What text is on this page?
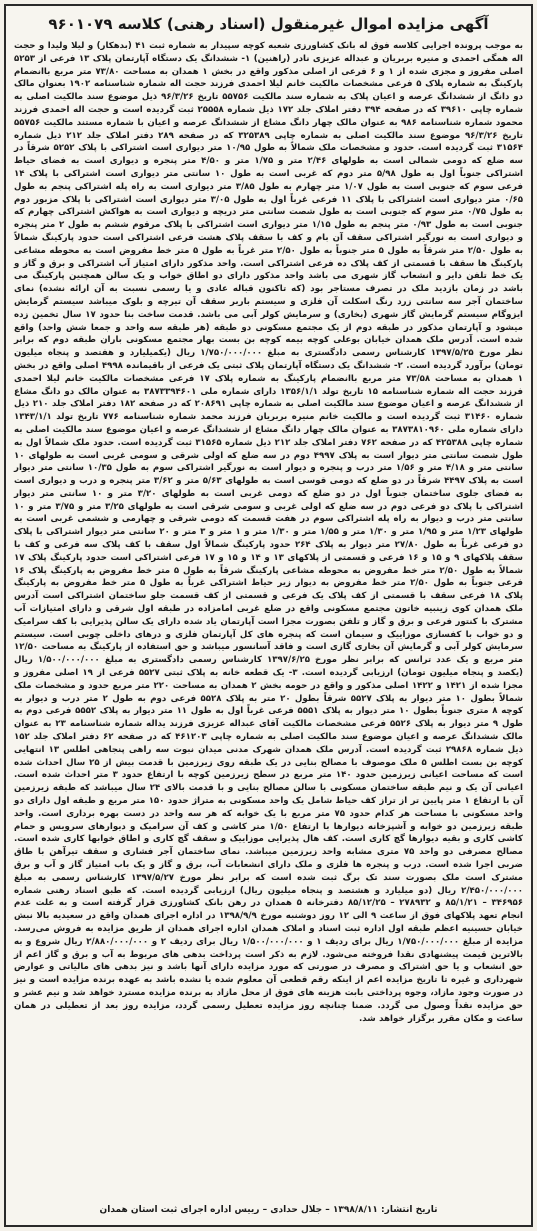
آگهی مزایده اموال غیرمنقول (اسناد رهنی) کلاسه ۹۶۰۱۰۷۹

به موجب پرونده اجرایی کلاسه فوق له بانک کشاورزی شعبه کوچه سپیدار به شماره ثبت ۴۱ (بدهکار) و لیلا ولیدا و حجت اله همگی احمدی و منیره بربریان و عبداله عزیزی نادر (راهنین) ۱- ششدانگ یک دستگاه آپارتمان پلاک ۱۳ فرعی از ۵۲۵۳ اصلی مفروز و مجزی شده از ۱ و ۶ فرعی از اصلی مذکور واقع در بخش ۱ همدان به مساحت ۷۳/۸۰ متر مربع باانضمام پارکینگ به شماره پلاک ۵ فرعی مشخصات مالکیت خانم لیلا احمدی فرزند حجت اله شماره شناسنامه ۱۹۰۲ بعنوان مالک دو دانگ از ششدانگ عرصه و اعیان پلاک به شماره سند مالکیت ۵۵۷۵۶ تاریخ ۹۶/۳/۲۶ ذیل موضوع سند مالکیت اصلی به شماره چاپی ۳۹۶۱۰ که در صفحه ۳۹۴ دفتر املاک جلد ۱۷۲ ذیل شماره ۲۵۵۵۸ ثبت گردیده است و حجت اله احمدی فرزند محمود شماره شناسنامه ۹۸۶ به عنوان مالک چهار دانگ مشاع از ششدانگ عرصه و اعیان با شماره مستند مالکیت ۵۵۷۵۶ تاریخ ۹۶/۳/۲۶ موضوع سند مالکیت اصلی به شماره چاپی ۳۲۵۳۸۹ که در صفحه ۲۸۹ دفتر املاک جلد ۲۱۲ ذیل شماره ۳۱۵۶۴ ثبت گردیده است. حدود و مشخصات ملک شمالاً به طول ۱۰/۹۵ متر دیواری است اشتراکی با پلاک ۵۲۵۲ شرقاً در سه ضلع که دومی شمالی است به طولهای ۲/۴۶ متر و ۱/۷۵ متر و ۴/۵۰ متر پنجره و دیواری است به فضای حیاط اشتراکی جنوباً اول به طول ۵/۹۸ متر دوم که غربی است به طول ۱۰ سانتی متر دیواری است اشتراکی با پلاک ۱۴ فرعی سوم که جنوبی است به طول ۱/۰۷ متر چهارم به طول ۳/۸۵ متر دیواری است به راه پله اشتراکی پنجم به طول ۰/۶۵ متر دیواری است اشتراکی با پلاک ۱۱ فرعی غرباً اول به طول ۳/۰۵ متر دیواری است اشتراکی با پلاک مزبور دوم به طول ۰/۷۵ متر سوم که جنوبی است به طول شصت سانتی متر دریچه و دیواری است به هواکش اشتراکی چهارم که جنوبی است به طول ۰/۹۳ متر پنجم به طول ۱/۱۵ متر دیواری است اشتراکی با پلاک مرقوم ششم به طول ۲ متر پنجره و دیواری است به نورگیر اشتراکی سقف آن بام و کف با سقف پلاک هشت فرعی اشتراکی است حدود پارکینگ شمالاً به طول ۲/۵۰ متر شرقاً به طول ۵ متر جنوباً به طول ۲/۵۰ متر غرباً به طول ۵ متر خط مفروض است به محوطه مشاعی پارکینگ ها سقف با قسمتی از کف پلاک ده فرعی اشتراکی است. واحد مذکور دارای امتیاز آب اشتراکی و برق و گاز و یک خط تلفن دایر و انشعاب گاز شهری می باشد واحد مذکور دارای دو اطاق خواب و یک سالن همچنین پارکینگ می باشد در زمان بازدید ملک در تصرف مستاجر بود (که تاکنون قباله عادی و یا رسمی نسبت به آن ارائه نشده) نمای ساختمان آجر سه سانتی زرد رنگ اسکلت آن فلزی و سیستم باربر سقف آن تیرچه و بلوک میباشد سیستم گرمایش ایزوگام سیستم گرمایش گاز شهری (بخاری) و سرمایش کولر آبی می باشد. قدمت ساخت بنا حدود ۱۷ سال تخمین زده میشود و آپارتمان مذکور در طبقه دوم از یک مجتمع مسکونی دو طبقه (هر طبقه سه واحد و جمعا شش واحد) واقع شده است. آدرس ملک همدان خیابان بوعلی کوچه بیمه کوچه بن بست بهار مجتمع مسکونی باران طبقه دوم که برابر نظر مورخ ۱۳۹۷/۵/۲۵ کارشناس رسمی دادگستری به مبلغ ۱/۷۵۰/۰۰۰/۰۰۰ ریال (یکمیلیارد و هفتصد و پنجاه میلیون تومان) برآورد گردیده است. ۲- ششدانگ یک دستگاه آپارتمان پلاک ثبتی یک فرعی از باقیمانده ۴۹۹۸ اصلی واقع در بخش ۱ همدان به مساحت ۷۳/۵۸ متر مربع باانضمام پارکینگ به شماره پلاک ۱۷ فرعی مشخصات مالکیت خانم لیلا احمدی فرزند حجت اله شماره شناسنامه ۱۵ تاریخ تولد ۱۳۵۶/۱/۱ دارای شماره ملی ۳۸۷۳۳۹۴۶۰۱ به عنوان مالک دو دانگ مشاع از ششدانگ عرصه و اعیان موضوع سند مالکیت اصلی به شماره چاپی ۲۰۸۶۹۱ که در صفحه ۱۸۲ دفتر املاک جلد ۲۱۰ ذیل شماره ۳۱۴۶۰ ثبت گردیده است و مالکیت خانم منیره بربریان فرزند محمد شماره شناسنامه ۷۷۶ تاریخ تولد ۱۳۴۳/۱/۱ دارای شماره ملی ۳۸۷۳۸۱۰۹۶۰ به عنوان مالک چهار دانگ مشاع از ششدانگ عرصه و اعیان موضوع سند مالکیت اصلی به شماره چاپی ۴۲۵۳۸۸ که در صفحه ۷۶۲ دفتر املاک جلد ۲۱۲ ذیل شماره ۳۱۵۶۵ ثبت گردیده است. حدود ملک شمالاً اول به طول شصت سانتی متر دیوار است به پلاک ۴۹۹۷ دوم در سه ضلع که اولی شرقی و سومی غربی است به طولهای ۱۰ سانتی متر و ۴/۱۸ متر و ۱/۵۶ متر درب و پنجره و دیوار است به نورگیر اشتراکی سوم به طول ۱۰/۳۵ سانتی متر دیوار است به پلاک ۴۴۹۷ شرقاً در دو ضلع که دومی قوسی است به طولهای ۵/۶۳ متر و ۳/۶۲ متر پنجره و درب و دیواری است به فضای جلوی ساختمان جنوباً اول در دو ضلع که دومی غربی است به طولهای ۳/۲۰ متر و ۱۰ سانتی متر دیوار اشتراکی با پلاک دو فرعی دوم در سه ضلع که اولی غربی و سومی شرقی است به طولهای ۳/۲۵ متر و ۳/۷۵ متر و ۱۰ سانتی متر درب و دیوار به راه پله اشتراکی سوم در هفت قسمت که دومی شرقی و چهارمی و ششمی غربی است به طولهای ۱/۲۳ متر و ۱/۹۵ متر و ۱/۳۰ متر و ۱/۵۵ متر و ۱/۳۰ متر و ۱ متر و ۳ متر و ۲۰ سانتی متر دیوار اشتراکی با پلاک دو فرعی غرباً به طول ۲۷/۸۰ متر دیوار به پلاک ۲۶۴ حدود پارکینگ شمالاً اول سقف با کف پلاک سه فرعی و کف با سقف پلاکهای ۹ و ۱۵ و ۱۶ فرعی و قسمتی از پلاکهای ۱۳ و ۱۴ و ۱۵ و ۱۷ فرعی اشتراکی است حدود پارکینگ پلاک ۱۷ شمالاً به طول ۲/۵۰ متر خط مفروض به محوطه مشاعی پارکینگ شرقاً به طول ۵ متر خط مفروض به پارکینگ پلاک ۱۶ فرعی جنوباً به طول ۲/۵۰ متر خط مفروض به دیوار زیر حیاط اشتراکی غرباً به طول ۵ متر خط مفروض به پارکینگ پلاک ۱۸ فرعی سقف با قسمتی از کف پلاک یک فرعی و قسمتی از کف قسمت جلو ساختمان اشتراکی است آدرس ملک همدان کوی زینبیه خاتون مجتمع مسکونی واقع در ضلع غربی امامزاده در طبقه اول شرقی و دارای امتیازات آب مشترک با کنتور فرعی و برق و گاز و تلفن بصورت مجزا است آپارتمان یاد شده دارای یک سالن پذیرایی با کف سرامیک و دو خواب با کفسازی موزاییک و سیمان است که پنجره های کل آپارتمان فلزی و درهای داخلی چوبی است. سیستم سرمایش کولر آبی و گرمایش آن بخاری گازی است و فاقد آسانسور میباشد و حق استفاده از پارکینگ به مساحت ۱۲/۵۰ متر مربع و یک عدد ترانس که برابر نظر مورخ ۱۳۹۷/۶/۲۵ کارشناس رسمی دادگستری به مبلغ ۱/۵۰۰/۰۰۰/۰۰۰ ریال (یکصد و پنجاه میلیون تومان) ارزیابی گردیده است. ۳- یک قطعه خانه به پلاک ثبتی ۵۵۲۷ فرعی از ۱۹ اصلی مفروز و مجزا شده از ۱۴۲۱ و ۱۴۲۲ اصلی مذکور و واقع در حومه بخش ۲ همدان به مساحت ۲۲۰ متر مربع حدود و مشخصات ملک شمالاً بطول ۱۰ متر دیوار به پلاک ۵۵۲۷ شرقاً بطول ۲۰ متر به پلاک ۵۵۲۸ فرعی دوم به طول ۲ متر درب و دیوار به کوچه ۸ متری جنوباً بطول ۱۰ متر دیوار به پلاک ۵۵۵۱ فرعی غرباً اول به طول ۱۱ متر دیوار به پلاک ۵۵۵۲ فرعی دوم به طول ۹ متر دیوار به پلاک ۵۵۲۶ فرعی مشخصات مالکیت آقای عبداله عزیزی فرزند یداله شماره شناسنامه ۲۳ به عنوان مالک ششدانگ عرصه و اعیان موضوع سند مالکیت اصلی به شماره چاپی ۴۶۱۲۰۳ که در صفحه ۶۲ دفتر املاک جلد ۱۵۲ ذیل شماره ۲۹۸۶۸ ثبت گردیده است. آدرس ملک همدان شهرک مدنی میدان نبوت سه راهی پنجاهی اطلس ۱۳ انتهایی کوچه بن بست اطلس ۵ ملک موصوف با مصالح بنایی در یک طبقه روی زیرزمین با قدمت بیش از ۲۵ سال احداث شده است که مساحت اعیانی زیرزمین حدود ۱۴۰ متر مربع در سطح زیرزمین کوچه با ارتفاع حدود ۳ متر احداث شده است. اعیانی آن یک و نیم طبقه ساختمان مسکونی با سالن مصالح بنایی و با قدمت بالای ۲۴ سال میباشد که طبقه زیرزمین آن با ارتفاع ۱ متر پایین تر از تراز کف حیاط شامل یک واحد مسکونی به متراژ حدود ۱۵۰ متر مربع و طبقه اول دارای دو واحد مسکونی با مساحت هر کدام حدود ۷۵ متر مربع با یک خوابه که هر سه واحد در دست بهره برداری است. واحد طبقه زیرزمین دو خوابه و آشپزخانه دیوارها با ارتفاع ۱/۵۰ متر کاشی و کف آن سرامیک و دیوارهای سرویس و حمام کاشی کاری و بقیه دیوارها گچ کاری است. کف هال پذیرایی موزاییک و سقف گچ کاری و اطاق خوابها کاری شده است. مصالح مصرفی دو واحد ۷۵ متری مشابه واحد زیرزمین میباشد. نمای ساختمان آجر فشاری و سقف تیرآهن با طاق ضربی اجرا شده است. درب و پنجره ها فلزی و ملک دارای انشعابات آب، برق و گاز و یک باب امتیاز گاز و آب و برق مشترک است ملک بصورت سند تک برگ ثبت شده است که برابر نظر مورخ ۱۳۹۷/۵/۲۷ کارشناس رسمی به مبلغ ۲/۴۵۰/۰۰۰/۰۰۰ ریال (دو میلیارد و هشتصد و پنجاه میلیون ریال) ارزیابی گردیده است. که طبق اسناد رهنی شماره ۳۴۶۹۵۶ – ۸۵/۱/۲۱ و ۲۷۸۹۳۲ – ۸۵/۱۲/۲۵ دفترخانه ۵ همدان در رهن بانک کشاورزی قرار گرفته است و به علت عدم انجام تعهد پلاکهای فوق از ساعت ۹ الی ۱۲ روز دوشنبه مورخ ۱۳۹۸/۹/۹ در اداره اجرای همدان واقع در سعیدیه بالا نبش خیابان حسینیه اعظم طبقه اول اداره ثبت اسناد و املاک همدان اداره اجرای همدان از طریق مزایده به فروش می‌رسد. مزایده از مبلغ ۱/۷۵۰/۰۰۰/۰۰۰ ریال برای ردیف ۱ و ۱/۵۰۰/۰۰۰/۰۰۰ ریال برای ردیف ۲ و ۲/۸۸۰/۰۰۰/۰۰۰ ریال شروع و به بالاترین قیمت پیشنهادی نقدا فروخته می‌شود. لازم به ذکر است پرداخت بدهی های مربوط به آب و برق و گاز اعم از حق انشعاب و یا حق اشتراک و مصرف در صورتی که مورد مزایده دارای آنها باشد و نیز بدهی های مالیاتی و عوارض شهرداری و غیره تا تاریخ مزایده اعم از اینکه رقم قطعی آن معلوم شده یا نشده باشد به عهده برنده مزایده است و نیز در صورت وجود مازاد، وجوه پرداختی بابت هزینه های فوق از محل مازاد به برنده مزایده مسترد خواهد شد و نیم عشر و حق مزایده نقداً وصول می گردد. ضمنا چنانچه روز مزایده تعطیل رسمی گردد، مزایده روز بعد از تعطیلی در همان ساعت و مکان مقرر برگزار خواهد شد.

تاریخ انتشار: ۱۳۹۸/۸/۱۱ – جلال حدادی – رییس اداره اجرای ثبت استان همدان
